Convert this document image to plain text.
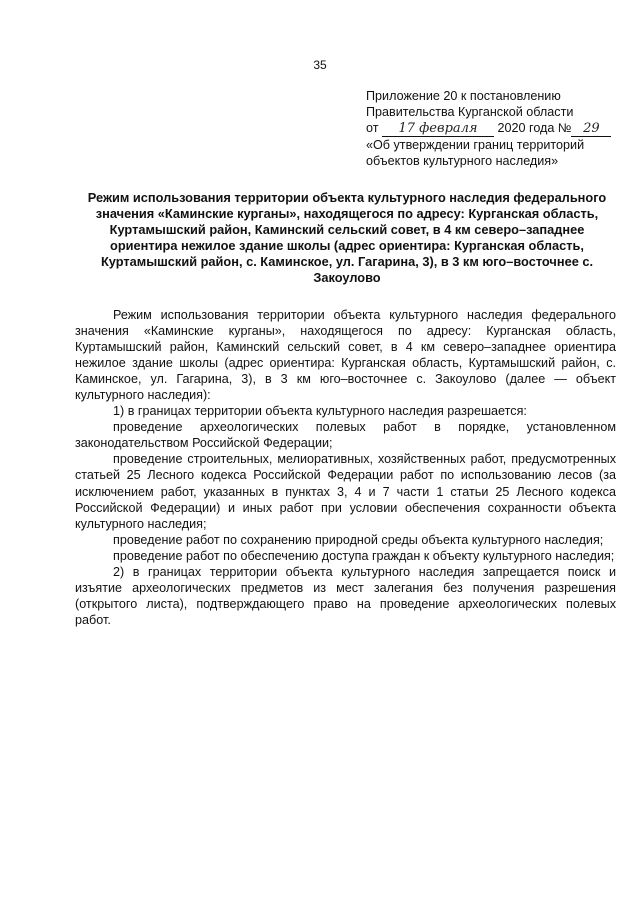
35
Приложение 20 к постановлению
Правительства Курганской области
от 17 февраля 2020 года № 29
«Об утверждении границ территорий
объектов культурного наследия»
Режим использования территории объекта культурного наследия федерального значения «Каминские курганы», находящегося по адресу: Курганская область, Куртамышский район, Каминский сельский совет, в 4 км северо–западнее ориентира нежилое здание школы (адрес ориентира: Курганская область, Куртамышский район, с. Каминское, ул. Гагарина, 3), в 3 км юго–восточнее с. Закоулово

Режим использования территории объекта культурного наследия федерального значения «Каминские курганы», находящегося по адресу: Курганская область, Куртамышский район, Каминский сельский совет, в 4 км северо–западнее ориентира нежилое здание школы (адрес ориентира: Курганская область, Куртамышский район, с. Каминское, ул. Гагарина, 3), в 3 км юго–восточнее с. Закоулово (далее — объект культурного наследия):

1) в границах территории объекта культурного наследия разрешается:

проведение археологических полевых работ в порядке, установленном законодательством Российской Федерации;

проведение строительных, мелиоративных, хозяйственных работ, предусмотренных статьей 25 Лесного кодекса Российской Федерации работ по использованию лесов (за исключением работ, указанных в пунктах 3, 4 и 7 части 1 статьи 25 Лесного кодекса Российской Федерации) и иных работ при условии обеспечения сохранности объекта культурного наследия;

проведение работ по сохранению природной среды объекта культурного наследия;

проведение работ по обеспечению доступа граждан к объекту культурного наследия;

2) в границах территории объекта культурного наследия запрещается поиск и изъятие археологических предметов из мест залегания без получения разрешения (открытого листа), подтверждающего право на проведение археологических полевых работ.
